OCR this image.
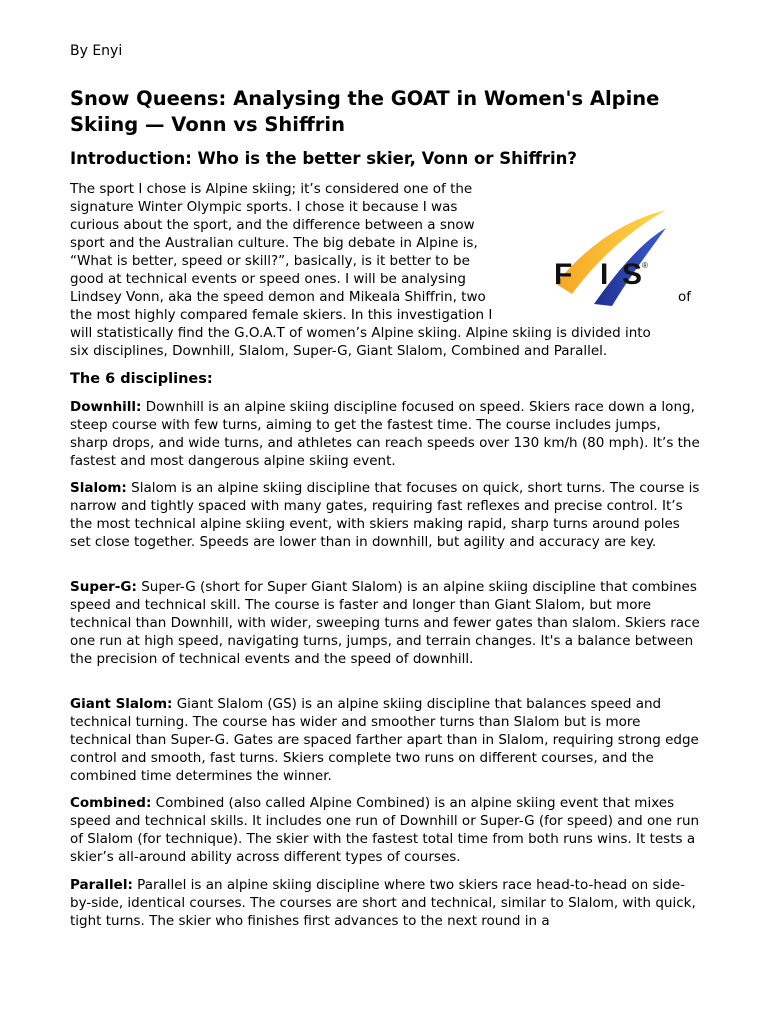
By Enyi
Snow Queens: Analysing the GOAT in Women's Alpine Skiing — Vonn vs Shiffrin
Introduction: Who is the better skier, Vonn or Shiffrin?
The sport I chose is Alpine skiing; it’s considered one of the
signature Winter Olympic sports. I chose it because I was
curious about the sport, and the difference between a snow
sport and the Australian culture. The big debate in Alpine is,
“What is better, speed or skill?”, basically, is it better to be
good at technical events or speed ones. I will be analysing
Lindsey Vonn, aka the speed demon and Mikeala Shiffrin, two	of
the most highly compared female skiers. In this investigation I
will statistically find the G.O.A.T of women’s Alpine skiing. Alpine skiing is divided into
six disciplines, Downhill, Slalom, Super-G, Giant Slalom, Combined and Parallel.
F I S ®
The 6 disciplines:

Downhill: Downhill is an alpine skiing discipline focused on speed. Skiers race down a long, steep course with few turns, aiming to get the fastest time. The course includes jumps, sharp drops, and wide turns, and athletes can reach speeds over 130 km/h (80 mph). It’s the fastest and most dangerous alpine skiing event.

Slalom: Slalom is an alpine skiing discipline that focuses on quick, short turns. The course is narrow and tightly spaced with many gates, requiring fast reflexes and precise control. It’s the most technical alpine skiing event, with skiers making rapid, sharp turns around poles set close together. Speeds are lower than in downhill, but agility and accuracy are key.

Super-G: Super-G (short for Super Giant Slalom) is an alpine skiing discipline that combines speed and technical skill. The course is faster and longer than Giant Slalom, but more technical than Downhill, with wider, sweeping turns and fewer gates than slalom. Skiers race one run at high speed, navigating turns, jumps, and terrain changes. It's a balance between the precision of technical events and the speed of downhill.

Giant Slalom: Giant Slalom (GS) is an alpine skiing discipline that balances speed and technical turning. The course has wider and smoother turns than Slalom but is more technical than Super-G. Gates are spaced farther apart than in Slalom, requiring strong edge control and smooth, fast turns. Skiers complete two runs on different courses, and the combined time determines the winner.

Combined: Combined (also called Alpine Combined) is an alpine skiing event that mixes speed and technical skills. It includes one run of Downhill or Super-G (for speed) and one run of Slalom (for technique). The skier with the fastest total time from both runs wins. It tests a skier’s all-around ability across different types of courses.

Parallel: Parallel is an alpine skiing discipline where two skiers race head-to-head on side-by-side, identical courses. The courses are short and technical, similar to Slalom, with quick, tight turns. The skier who finishes first advances to the next round in a
